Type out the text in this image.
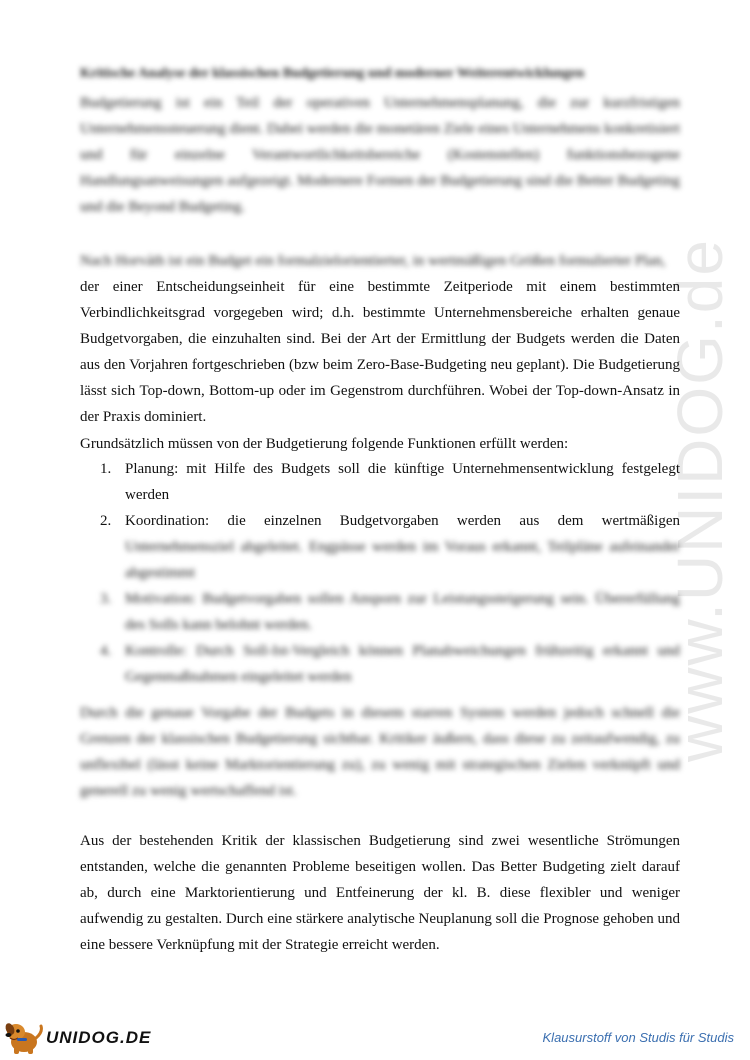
www.UNIDOG.de
Kritische Analyse der klassischen Budgetierung und moderner Weiterentwicklungen
Budgetierung ist ein Teil der operativen Unternehmensplanung, die zur kurzfristigen Unternehmenssteuerung dient. Dabei werden die monetären Ziele eines Unternehmens konkretisiert und für einzelne Verantwortlichkeitsbereiche (Kostenstellen) funktionsbezogene Handlungsanweisungen aufgezeigt. Modernere Formen der Budgetierung sind die Better Budgeting und die Beyond Budgeting.
Nach Horváth ist ein Budget ein formalzielorientierter, in wertmäßigen Größen formulierter Plan,
der einer Entscheidungseinheit für eine bestimmte Zeitperiode mit einem bestimmten Verbindlichkeitsgrad vorgegeben wird; d.h. bestimmte Unternehmensbereiche erhalten genaue Budgetvorgaben, die einzuhalten sind. Bei der Art der Ermittlung der Budgets werden die Daten aus den Vorjahren fortgeschrieben (bzw beim Zero-Base-Budgeting neu geplant). Die Budgetierung lässt sich Top-down, Bottom-up oder im Gegenstrom durchführen. Wobei der Top-down-Ansatz in der Praxis dominiert.
Grundsätzlich müssen von der Budgetierung folgende Funktionen erfüllt werden:
1. Planung: mit Hilfe des Budgets soll die künftige Unternehmensentwicklung festgelegt werden
2. Koordination: die einzelnen Budgetvorgaben werden aus dem wertmäßigen
Unternehmensziel abgeleitet. Engpässe werden im Voraus erkannt, Teilpläne aufeinander abgestimmt
3. Motivation: Budgetvorgaben sollen Ansporn zur Leistungssteigerung sein. Übererfüllung des Solls kann belohnt werden.
4. Kontrolle: Durch Soll-Ist-Vergleich können Planabweichungen frühzeitig erkannt und Gegenmaßnahmen eingeleitet werden
Durch die genaue Vorgabe der Budgets in diesem starren System werden jedoch schnell die Grenzen der klassischen Budgetierung sichtbar. Kritiker äußern, dass diese zu zeitaufwendig, zu unflexibel (lässt keine Marktorientierung zu), zu wenig mit strategischen Zielen verknüpft und generell zu wenig wertschaffend ist.
Aus der bestehenden Kritik der klassischen Budgetierung sind zwei wesentliche Strömungen entstanden, welche die genannten Probleme beseitigen wollen. Das Better Budgeting zielt darauf ab, durch eine Marktorientierung und Entfeinerung der kl. B. diese flexibler und weniger aufwendig zu gestalten. Durch eine stärkere analytische Neuplanung soll die Prognose gehoben und eine bessere Verknüpfung mit der Strategie erreicht werden.
UNIDOG.DE	Klausurstoff von Studis für Studis
